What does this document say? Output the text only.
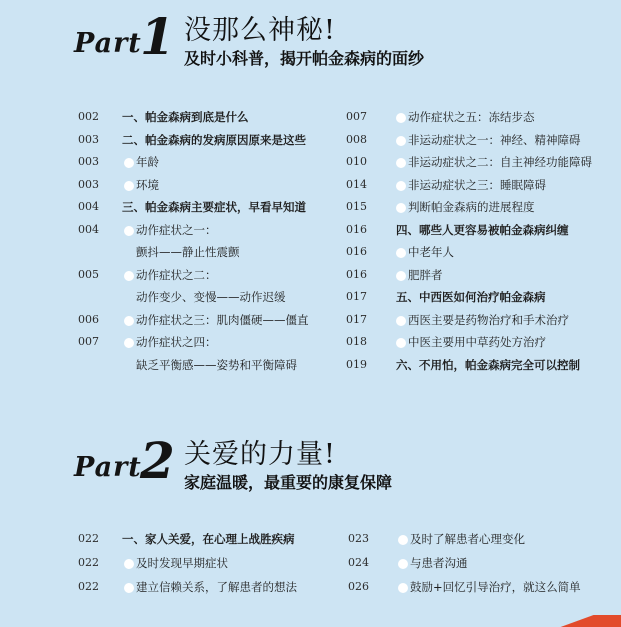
Part
1 没那么神秘!
及时小科普，揭开帕金森病的面纱
002	一、帕金森病到底是什么
003	二、帕金森病的发病原因原来是这些
003	年龄
003	环境
004	三、帕金森病主要症状，早看早知道
004	动作症状之一：
颤抖——静止性震颤
005	动作症状之二：
动作变少、变慢——动作迟缓
006	动作症状之三：肌肉僵硬——僵直
007	动作症状之四：
缺乏平衡感——姿势和平衡障碍
007	动作症状之五：冻结步态
008	非运动症状之一：神经、精神障碍
010	非运动症状之二：自主神经功能障碍
014	非运动症状之三：睡眠障碍
015	判断帕金森病的进展程度
016	四、哪些人更容易被帕金森病纠缠
016	中老年人
016	肥胖者
017	五、中西医如何治疗帕金森病
017	西医主要是药物治疗和手术治疗
018	中医主要用中草药处方治疗
019	六、不用怕，帕金森病完全可以控制
Part
2 关爱的力量!
家庭温暖，最重要的康复保障
022	一、家人关爱，在心理上战胜疾病
022	及时发现早期症状
022	建立信赖关系，了解患者的想法
023	及时了解患者心理变化
024	与患者沟通
026	鼓励+回忆引导治疗，就这么简单
